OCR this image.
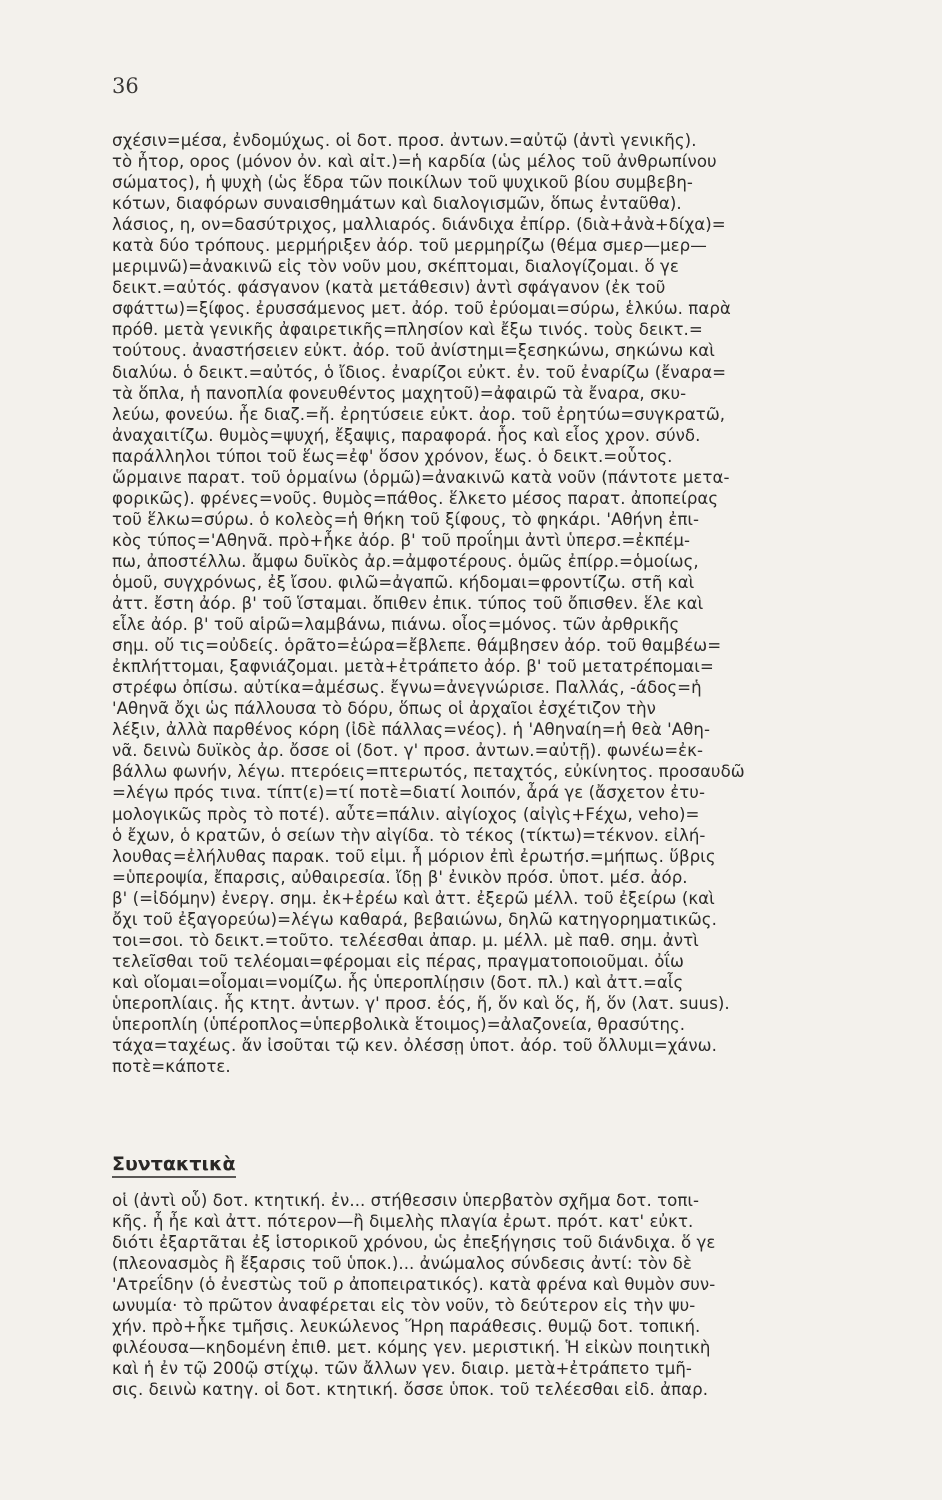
36
σχέσιν=μέσα, ἐνδομύχως. οἱ δοτ. προσ. ἀντων.=αὐτῷ (ἀντὶ γενικῆς).
τὸ ἦτορ, ορος (μόνον ὀν. καὶ αἰτ.)=ἡ καρδία (ὡς μέλος τοῦ ἀνθρωπίνου
σώματος), ἡ ψυχὴ (ὡς ἕδρα τῶν ποικίλων τοῦ ψυχικοῦ βίου συμβεβη-
κότων, διαφόρων συναισθημάτων καὶ διαλογισμῶν, ὅπως ἐνταῦθα).
λάσιος, η, ον=δασύτριχος, μαλλιαρός. διάνδιχα ἐπίρρ. (διὰ+ἀνὰ+δίχα)=
κατὰ δύο τρόπους. μερμήριξεν ἀόρ. τοῦ μερμηρίζω (θέμα σμερ—μερ—
μεριμνῶ)=ἀνακινῶ εἰς τὸν νοῦν μου, σκέπτομαι, διαλογίζομαι. ὅ γε
δεικτ.=αὐτός. φάσγανον (κατὰ μετάθεσιν) ἀντὶ σφάγανον (ἐκ τοῦ
σφάττω)=ξίφος. ἐρυσσάμενος μετ. ἀόρ. τοῦ ἐρύομαι=σύρω, ἑλκύω. παρὰ
πρόθ. μετὰ γενικῆς ἀφαιρετικῆς=πλησίον καὶ ἔξω τινός. τοὺς δεικτ.=
τούτους. ἀναστήσειεν εὐκτ. ἀόρ. τοῦ ἀνίστημι=ξεσηκώνω, σηκώνω καὶ
διαλύω. ὁ δεικτ.=αὐτός, ὁ ἴδιος. ἐναρίζοι εὐκτ. ἐν. τοῦ ἐναρίζω (ἔναρα=
τὰ ὅπλα, ἡ πανοπλία φονευθέντος μαχητοῦ)=ἀφαιρῶ τὰ ἔναρα, σκυ-
λεύω, φονεύω. ἦε διαζ.=ἤ. ἐρητύσειε εὐκτ. ἀορ. τοῦ ἐρητύω=συγκρατῶ,
ἀναχαιτίζω. θυμὸς=ψυχή, ἔξαψις, παραφορά. ἧος καὶ εἷος χρον. σύνδ.
παράλληλοι τύποι τοῦ ἕως=ἐφ' ὅσον χρόνον, ἕως. ὁ δεικτ.=οὗτος.
ὥρμαινε παρατ. τοῦ ὁρμαίνω (ὁρμῶ)=ἀνακινῶ κατὰ νοῦν (πάντοτε μετα-
φορικῶς). φρένες=νοῦς. θυμὸς=πάθος. ἕλκετο μέσος παρατ. ἀποπείρας
τοῦ ἕλκω=σύρω. ὁ κολεὸς=ἡ θήκη τοῦ ξίφους, τὸ φηκάρι. 'Αθήνη ἐπι-
κὸς τύπος='Αθηνᾶ. πρὸ+ἧκε ἀόρ. β' τοῦ προΐημι ἀντὶ ὑπερσ.=ἐκπέμ-
πω, ἀποστέλλω. ἄμφω δυϊκὸς ἀρ.=ἀμφοτέρους. ὁμῶς ἐπίρρ.=ὁμοίως,
ὁμοῦ, συγχρόνως, ἐξ ἴσου. φιλῶ=ἀγαπῶ. κήδομαι=φροντίζω. στῆ καὶ
ἀττ. ἔστη ἀόρ. β' τοῦ ἵσταμαι. ὄπιθεν ἐπικ. τύπος τοῦ ὄπισθεν. ἕλε καὶ
εἷλε ἀόρ. β' τοῦ αἱρῶ=λαμβάνω, πιάνω. οἶος=μόνος. τῶν ἀρθρικῆς
σημ. οὔ τις=οὐδείς. ὁρᾶτο=ἑώρα=ἔβλεπε. θάμβησεν ἀόρ. τοῦ θαμβέω=
ἐκπλήττομαι, ξαφνιάζομαι. μετὰ+ἐτράπετο ἀόρ. β' τοῦ μετατρέπομαι=
στρέφω ὀπίσω. αὐτίκα=ἀμέσως. ἔγνω=ἀνεγνώρισε. Παλλάς, -άδος=ἡ
'Αθηνᾶ ὄχι ὡς πάλλουσα τὸ δόρυ, ὅπως οἱ ἀρχαῖοι ἐσχέτιζον τὴν
λέξιν, ἀλλὰ παρθένος κόρη (ἰδὲ πάλλας=νέος). ἡ 'Αθηναίη=ἡ θεὰ 'Αθη-
νᾶ. δεινὼ δυϊκὸς ἀρ. ὄσσε οἱ (δοτ. γ' προσ. ἀντων.=αὐτῇ). φωνέω=ἐκ-
βάλλω φωνήν, λέγω. πτερόεις=πτερωτός, πεταχτός, εὐκίνητος. προσαυδῶ
=λέγω πρός τινα. τίπτ(ε)=τί ποτὲ=διατί λοιπόν, ἆρά γε (ἄσχετον ἐτυ-
μολογικῶς πρὸς τὸ ποτέ). αὖτε=πάλιν. αἰγίοχος (αἰγὶς+Fέχω, veho)=
ὁ ἔχων, ὁ κρατῶν, ὁ σείων τὴν αἰγίδα. τὸ τέκος (τίκτω)=τέκνον. εἰλή-
λουθας=ἐλήλυθας παρακ. τοῦ εἰμι. ἦ μόριον ἐπὶ ἐρωτήσ.=μήπως. ὕβρις
=ὑπεροψία, ἔπαρσις, αὐθαιρεσία. ἴδῃ β' ἐνικὸν πρόσ. ὑποτ. μέσ. ἀόρ.
β' (=ἰδόμην) ἐνεργ. σημ. ἐκ+ἐρέω καὶ ἀττ. ἐξερῶ μέλλ. τοῦ ἐξείρω (καὶ
ὄχι τοῦ ἐξαγορεύω)=λέγω καθαρά, βεβαιώνω, δηλῶ κατηγορηματικῶς.
τοι=σοι. τὸ δεικτ.=τοῦτο. τελέεσθαι ἀπαρ. μ. μέλλ. μὲ παθ. σημ. ἀντὶ
τελεῖσθαι τοῦ τελέομαι=φέρομαι εἰς πέρας, πραγματοποιοῦμαι. ὀΐω
καὶ οἴομαι=οἶομαι=νομίζω. ἧς ὑπεροπλίῃσιν (δοτ. πλ.) καὶ ἀττ.=αἷς
ὑπεροπλίαις. ἧς κτητ. ἀντων. γ' προσ. ἑός, ἥ, ὅν καὶ ὅς, ἥ, ὅν (λατ. suus).
ὑπεροπλίη (ὑπέροπλος=ὑπερβολικὰ ἕτοιμος)=ἀλαζονεία, θρασύτης.
τάχα=ταχέως. ἄν ἰσοῦται τῷ κεν. ὀλέσσῃ ὑποτ. ἀόρ. τοῦ ὄλλυμι=χάνω.
ποτὲ=κάποτε.
Συντακτικὰ
οἱ (ἀντὶ οὗ) δοτ. κτητική. ἐν... στήθεσσιν ὑπερβατὸν σχῆμα δοτ. τοπι-
κῆς. ἦ ἦε καὶ ἀττ. πότερον—ἢ διμελὴς πλαγία ἐρωτ. πρότ. κατ' εὐκτ.
διότι ἐξαρτᾶται ἐξ ἱστορικοῦ χρόνου, ὡς ἐπεξήγησις τοῦ διάνδιχα. ὅ γε
(πλεονασμὸς ἢ ἔξαρσις τοῦ ὑποκ.)... ἀνώμαλος σύνδεσις ἀντί: τὸν δὲ
'Ατρεΐδην (ὁ ἐνεστὼς τοῦ ρ ἀποπειρατικός). κατὰ φρένα καὶ θυμὸν συν-
ωνυμία· τὸ πρῶτον ἀναφέρεται εἰς τὸν νοῦν, τὸ δεύτερον εἰς τὴν ψυ-
χήν. πρὸ+ἧκε τμῆσις. λευκώλενος Ἥρη παράθεσις. θυμῷ δοτ. τοπική.
φιλέουσα—κηδομένη ἐπιθ. μετ. κόμης γεν. μεριστική. Ἡ εἰκὼν ποιητικὴ
καὶ ἡ ἐν τῷ 200ῷ στίχῳ. τῶν ἄλλων γεν. διαιρ. μετὰ+ἐτράπετο τμῆ-
σις. δεινὼ κατηγ. οἱ δοτ. κτητική. ὄσσε ὑποκ. τοῦ τελέεσθαι εἰδ. ἀπαρ.
